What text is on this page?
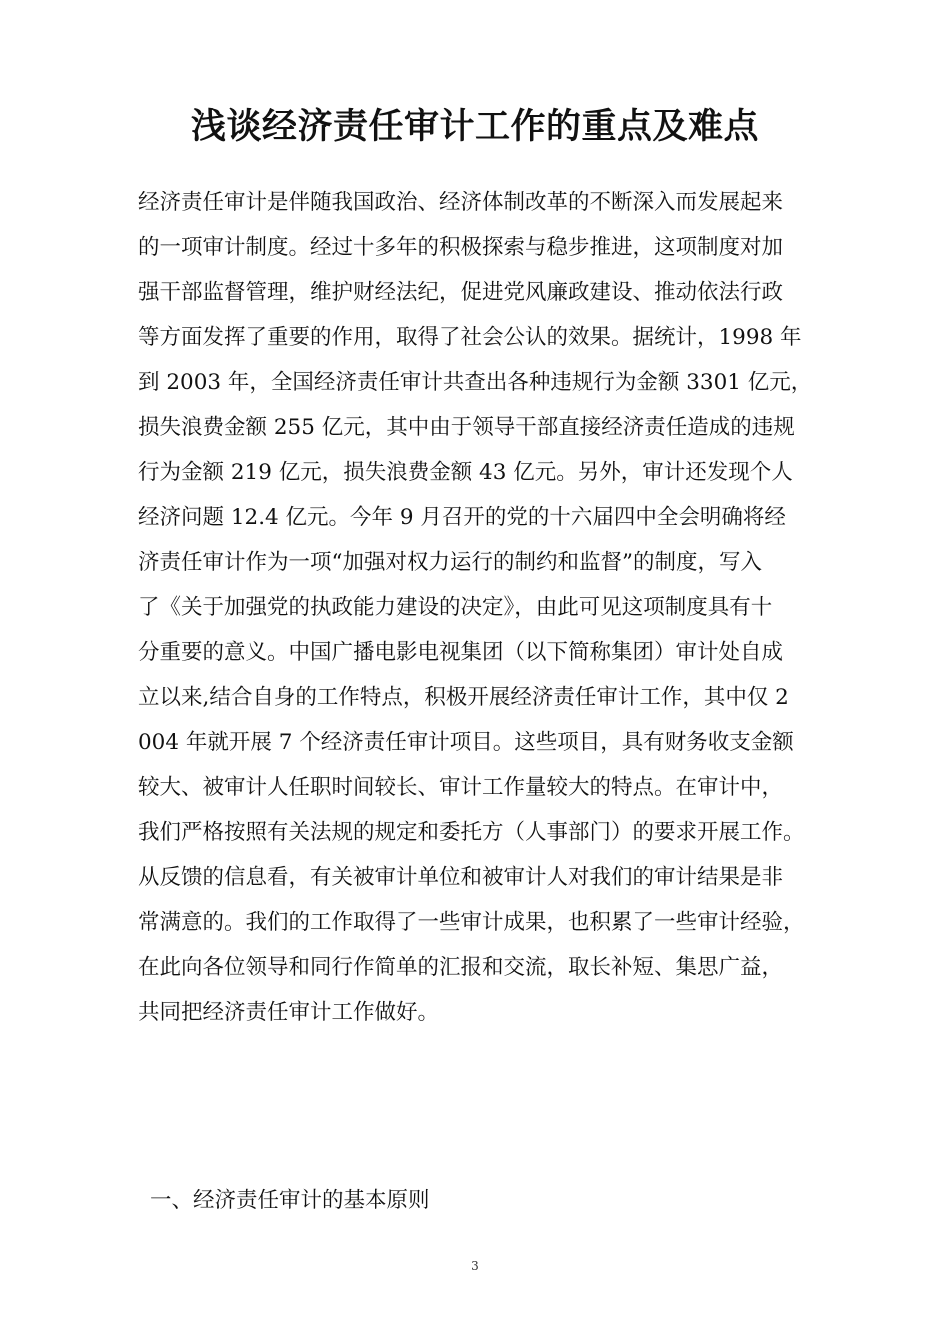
浅谈经济责任审计工作的重点及难点
经济责任审计是伴随我国政治、经济体制改革的不断深入而发展起来
的一项审计制度。经过十多年的积极探索与稳步推进，这项制度对加
强干部监督管理，维护财经法纪，促进党风廉政建设、推动依法行政
等方面发挥了重要的作用，取得了社会公认的效果。据统计，1998 年
到 2003 年，全国经济责任审计共查出各种违规行为金额 3301 亿元，
损失浪费金额 255 亿元，其中由于领导干部直接经济责任造成的违规
行为金额 219 亿元，损失浪费金额 43 亿元。另外，审计还发现个人
经济问题 12.4 亿元。今年 9 月召开的党的十六届四中全会明确将经
济责任审计作为一项“加强对权力运行的制约和监督”的制度，写入
了《关于加强党的执政能力建设的决定》，由此可见这项制度具有十
分重要的意义。中国广播电影电视集团（以下简称集团）审计处自成
立以来,结合自身的工作特点，积极开展经济责任审计工作，其中仅 2
004 年就开展 7 个经济责任审计项目。这些项目，具有财务收支金额
较大、被审计人任职时间较长、审计工作量较大的特点。在审计中，
我们严格按照有关法规的规定和委托方（人事部门）的要求开展工作。
从反馈的信息看，有关被审计单位和被审计人对我们的审计结果是非
常满意的。我们的工作取得了一些审计成果，也积累了一些审计经验，
在此向各位领导和同行作简单的汇报和交流，取长补短、集思广益，
共同把经济责任审计工作做好。
一、经济责任审计的基本原则
3
